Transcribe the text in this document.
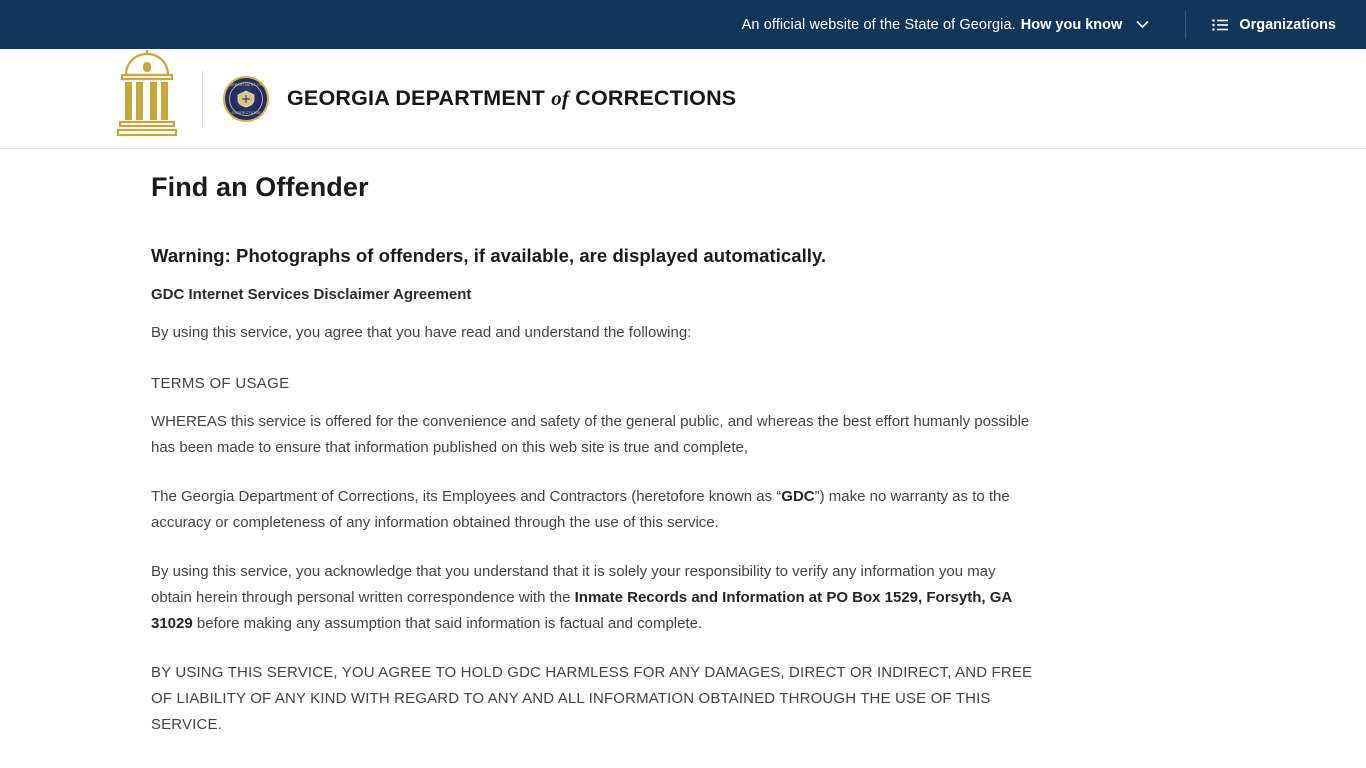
An official website of the State of Georgia. How you know	Organizations
DEPARTMENT OF
CORRECTIONS
GEORGIA DEPARTMENT of CORRECTIONS
Find an Offender
Warning: Photographs of offenders, if available, are displayed automatically.
GDC Internet Services Disclaimer Agreement

By using this service, you agree that you have read and understand the following:

TERMS OF USAGE

WHEREAS this service is offered for the convenience and safety of the general public, and whereas the best effort humanly possible has been made to ensure that information published on this web site is true and complete,

The Georgia Department of Corrections, its Employees and Contractors (heretofore known as “GDC”) make no warranty as to the accuracy or completeness of any information obtained through the use of this service.

By using this service, you acknowledge that you understand that it is solely your responsibility to verify any information you may obtain herein through personal written correspondence with the Inmate Records and Information at PO Box 1529, Forsyth, GA 31029 before making any assumption that said information is factual and complete.

BY USING THIS SERVICE, YOU AGREE TO HOLD GDC HARMLESS FOR ANY DAMAGES, DIRECT OR INDIRECT, AND FREE OF LIABILITY OF ANY KIND WITH REGARD TO ANY AND ALL INFORMATION OBTAINED THROUGH THE USE OF THIS SERVICE.
